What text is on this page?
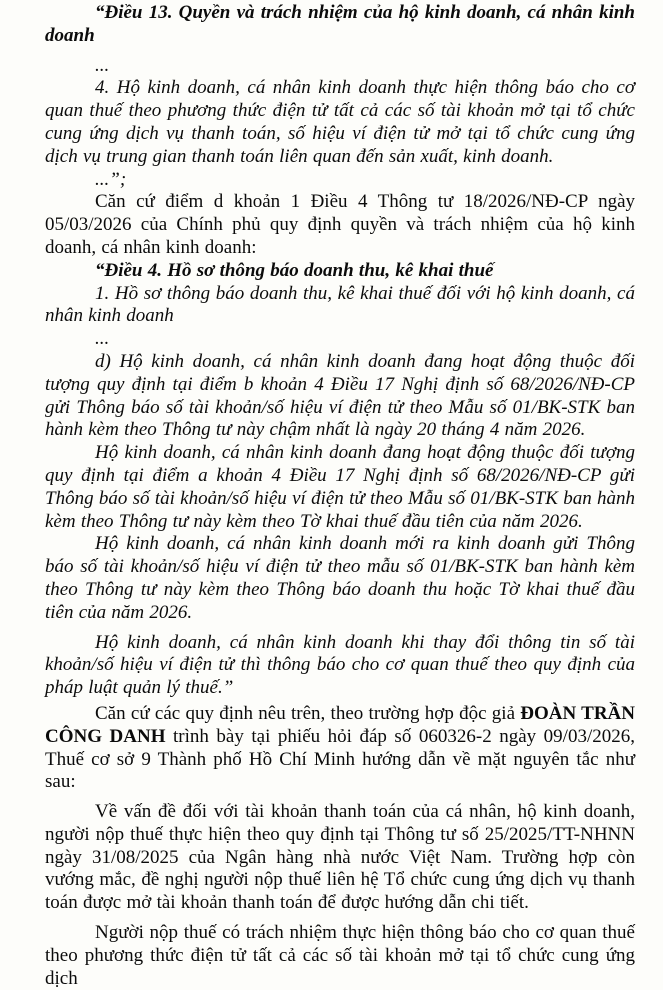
“Điều 13. Quyền và trách nhiệm của hộ kinh doanh, cá nhân kinh doanh

...

4. Hộ kinh doanh, cá nhân kinh doanh thực hiện thông báo cho cơ quan thuế theo phương thức điện tử tất cả các số tài khoản mở tại tổ chức cung ứng dịch vụ thanh toán, số hiệu ví điện tử mở tại tổ chức cung ứng dịch vụ trung gian thanh toán liên quan đến sản xuất, kinh doanh.

...”;

Căn cứ điểm d khoản 1 Điều 4 Thông tư 18/2026/NĐ-CP ngày 05/03/2026 của Chính phủ quy định quyền và trách nhiệm của hộ kinh doanh, cá nhân kinh doanh:

“Điều 4. Hồ sơ thông báo doanh thu, kê khai thuế

1. Hồ sơ thông báo doanh thu, kê khai thuế đối với hộ kinh doanh, cá nhân kinh doanh

...

d) Hộ kinh doanh, cá nhân kinh doanh đang hoạt động thuộc đối tượng quy định tại điểm b khoản 4 Điều 17 Nghị định số 68/2026/NĐ-CP gửi Thông báo số tài khoản/số hiệu ví điện tử theo Mẫu số 01/BK-STK ban hành kèm theo Thông tư này chậm nhất là ngày 20 tháng 4 năm 2026.

Hộ kinh doanh, cá nhân kinh doanh đang hoạt động thuộc đối tượng quy định tại điểm a khoản 4 Điều 17 Nghị định số 68/2026/NĐ-CP gửi Thông báo số tài khoản/số hiệu ví điện tử theo Mẫu số 01/BK-STK ban hành kèm theo Thông tư này kèm theo Tờ khai thuế đầu tiên của năm 2026.

Hộ kinh doanh, cá nhân kinh doanh mới ra kinh doanh gửi Thông báo số tài khoản/số hiệu ví điện tử theo mẫu số 01/BK-STK ban hành kèm theo Thông tư này kèm theo Thông báo doanh thu hoặc Tờ khai thuế đầu tiên của năm 2026.

Hộ kinh doanh, cá nhân kinh doanh khi thay đổi thông tin số tài khoản/số hiệu ví điện tử thì thông báo cho cơ quan thuế theo quy định của pháp luật quản lý thuế.”

Căn cứ các quy định nêu trên, theo trường hợp độc giả ĐOÀN TRẦN CÔNG DANH trình bày tại phiếu hỏi đáp số 060326-2 ngày 09/03/2026, Thuế cơ sở 9 Thành phố Hồ Chí Minh hướng dẫn về mặt nguyên tắc như sau:

Về vấn đề đối với tài khoản thanh toán của cá nhân, hộ kinh doanh, người nộp thuế thực hiện theo quy định tại Thông tư số 25/2025/TT-NHNN ngày 31/08/2025 của Ngân hàng nhà nước Việt Nam. Trường hợp còn vướng mắc, đề nghị người nộp thuế liên hệ Tổ chức cung ứng dịch vụ thanh toán được mở tài khoản thanh toán để được hướng dẫn chi tiết.

Người nộp thuế có trách nhiệm thực hiện thông báo cho cơ quan thuế theo phương thức điện tử tất cả các số tài khoản mở tại tổ chức cung ứng dịch
